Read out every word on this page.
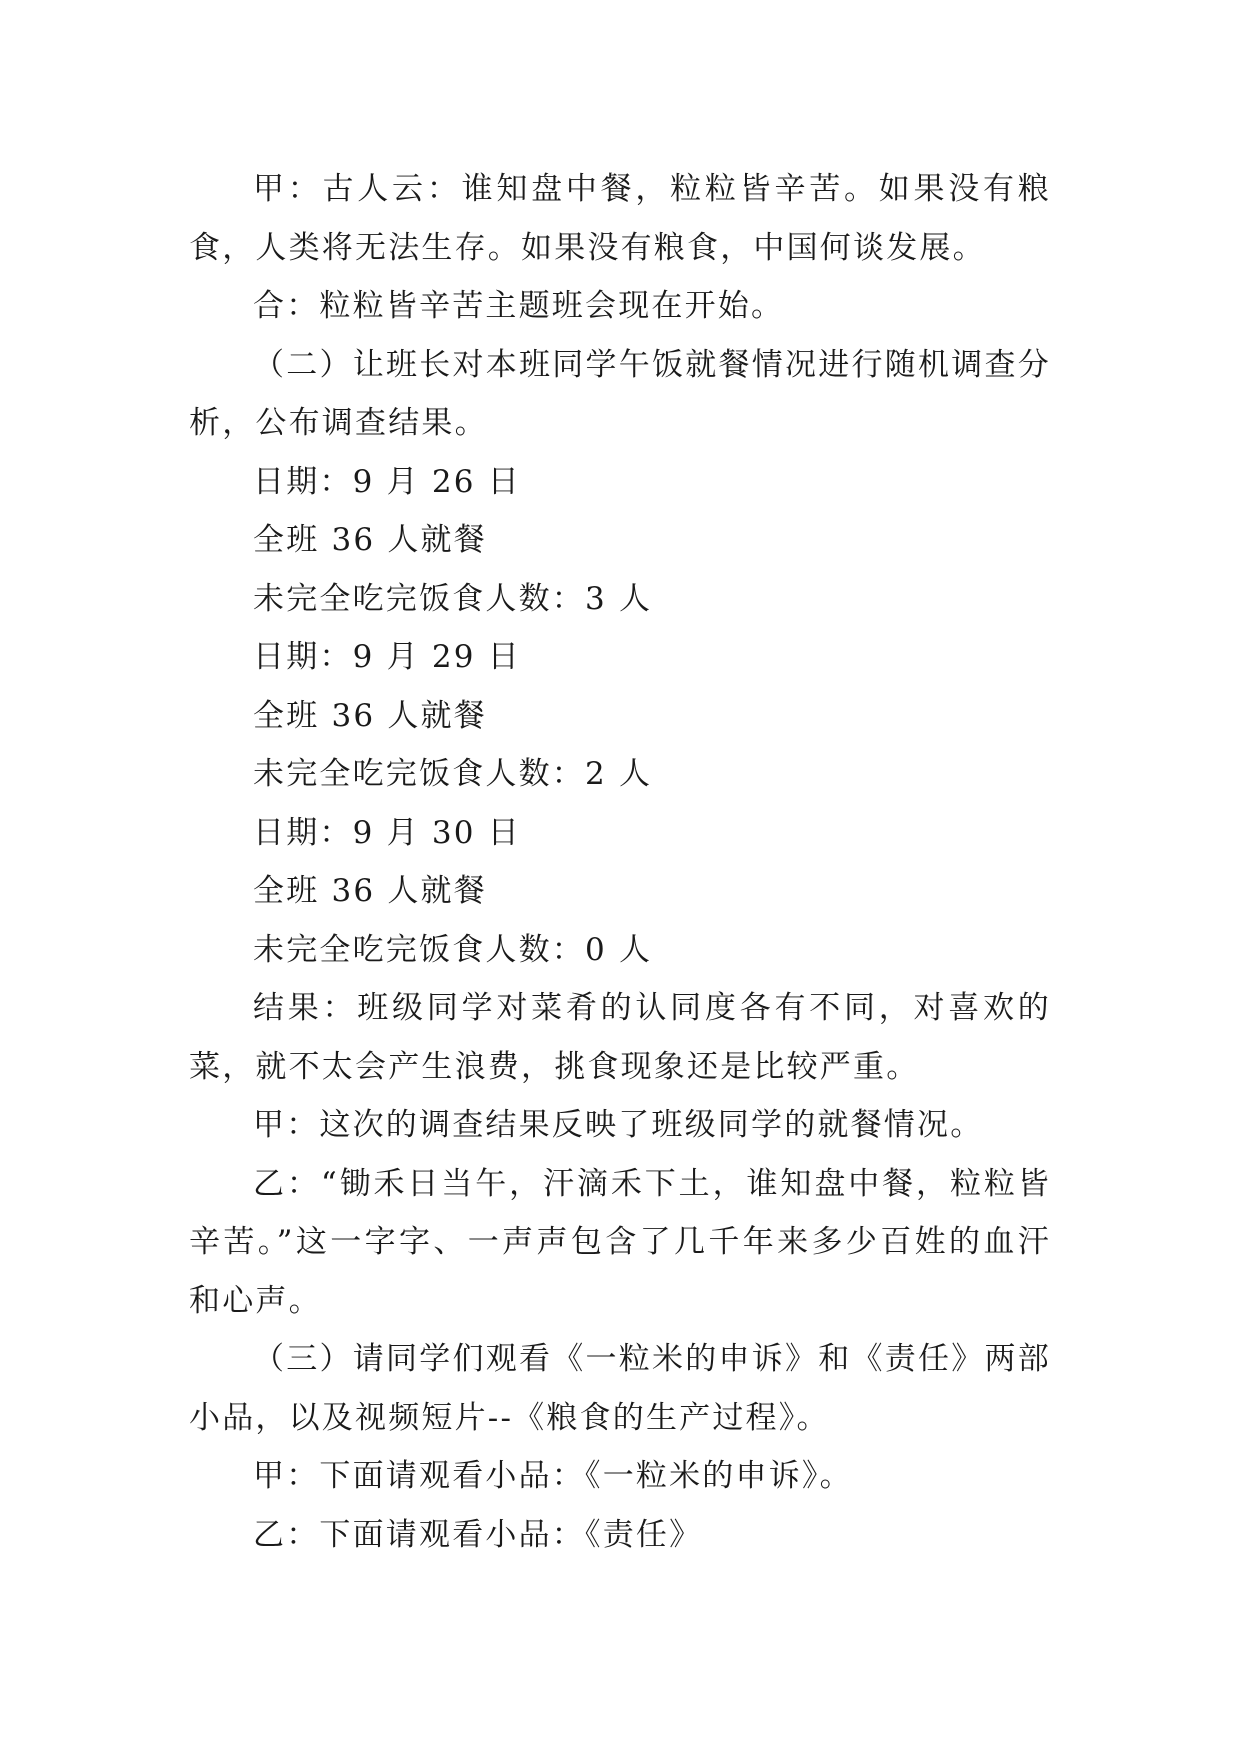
甲：古人云：谁知盘中餐，粒粒皆辛苦。如果没有粮食，人类将无法生存。如果没有粮食，中国何谈发展。

合：粒粒皆辛苦主题班会现在开始。

（二）让班长对本班同学午饭就餐情况进行随机调查分析，公布调查结果。

日期：9 月 26 日

全班 36 人就餐

未完全吃完饭食人数：3 人

日期：9 月 29 日

全班 36 人就餐

未完全吃完饭食人数：2 人

日期：9 月 30 日

全班 36 人就餐

未完全吃完饭食人数：0 人

结果：班级同学对菜肴的认同度各有不同，对喜欢的菜，就不太会产生浪费，挑食现象还是比较严重。

甲：这次的调查结果反映了班级同学的就餐情况。

乙：“锄禾日当午，汗滴禾下土，谁知盘中餐，粒粒皆辛苦。”这一字字、一声声包含了几千年来多少百姓的血汗和心声。

（三）请同学们观看《一粒米的申诉》和《责任》两部小品，以及视频短片--《粮食的生产过程》。

甲：下面请观看小品：《一粒米的申诉》。

乙：下面请观看小品：《责任》
